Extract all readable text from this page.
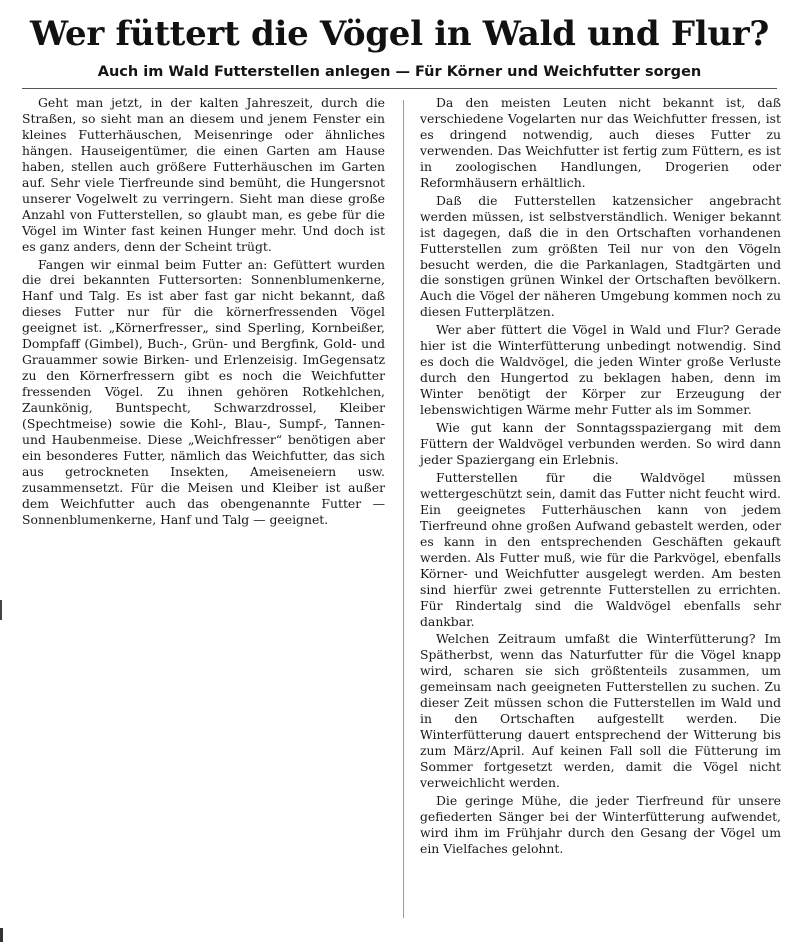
Wer füttert die Vögel in Wald und Flur?
Auch im Wald Futterstellen anlegen — Für Körner und Weichfutter sorgen

Geht man jetzt, in der kalten Jahreszeit, durch die Straßen, so sieht man an diesem und jenem Fenster ein kleines Futterhäuschen, Meisenringe oder ähnliches hängen. Hauseigentümer, die einen Garten am Hause haben, stellen auch größere Futterhäuschen im Garten auf. Sehr viele Tierfreunde sind bemüht, die Hungersnot unserer Vogelwelt zu verringern. Sieht man diese große Anzahl von Futterstellen, so glaubt man, es gebe für die Vögel im Winter fast keinen Hunger mehr. Und doch ist es ganz anders, denn der Scheint trügt.

Fangen wir einmal beim Futter an: Gefüttert wurden die drei bekannten Futtersorten: Sonnenblumenkerne, Hanf und Talg. Es ist aber fast gar nicht bekannt, daß dieses Futter nur für die körnerfressenden Vögel geeignet ist. „Körnerfresser„ sind Sperling, Kornbeißer, Dompfaff (Gimbel), Buch-, Grün- und Bergfink, Gold- und Grauammer sowie Birken- und Erlenzeisig. ImGegensatz zu den Körnerfressern gibt es noch die Weichfutter fressenden Vögel. Zu ihnen gehören Rotkehlchen, Zaunkönig, Buntspecht, Schwarzdrossel, Kleiber (Spechtmeise) sowie die Kohl-, Blau-, Sumpf-, Tannen- und Haubenmeise. Diese „Weichfresser“ benötigen aber ein besonderes Futter, nämlich das Weichfutter, das sich aus getrockneten Insekten, Ameiseneiern usw. zusammensetzt. Für die Meisen und Kleiber ist außer dem Weichfutter auch das obengenannte Futter — Sonnenblumenkerne, Hanf und Talg — geeignet.

Da den meisten Leuten nicht bekannt ist, daß verschiedene Vogelarten nur das Weichfutter fressen, ist es dringend notwendig, auch dieses Futter zu verwenden. Das Weichfutter ist fertig zum Füttern, es ist in zoologischen Handlungen, Drogerien oder Reformhäusern erhältlich.

Daß die Futterstellen katzensicher angebracht werden müssen, ist selbstverständlich. Weniger bekannt ist dagegen, daß die in den Ortschaften vorhandenen Futterstellen zum größten Teil nur von den Vögeln besucht werden, die die Parkanlagen, Stadtgärten und die sonstigen grünen Winkel der Ortschaften bevölkern. Auch die Vögel der näheren Umgebung kommen noch zu diesen Futterplätzen.

Wer aber füttert die Vögel in Wald und Flur? Gerade hier ist die Winterfütterung unbedingt notwendig. Sind es doch die Waldvögel, die jeden Winter große Verluste durch den Hungertod zu beklagen haben, denn im Winter benötigt der Körper zur Erzeugung der lebenswichtigen Wärme mehr Futter als im Sommer.

Wie gut kann der Sonntagsspaziergang mit dem Füttern der Waldvögel verbunden werden. So wird dann jeder Spaziergang ein Erlebnis.

Futterstellen für die Waldvögel müssen wettergeschützt sein, damit das Futter nicht feucht wird. Ein geeignetes Futterhäuschen kann von jedem Tierfreund ohne großen Aufwand gebastelt werden, oder es kann in den entsprechenden Geschäften gekauft werden. Als Futter muß, wie für die Parkvögel, ebenfalls Körner- und Weichfutter ausgelegt werden. Am besten sind hierfür zwei getrennte Futterstellen zu errichten. Für Rindertalg sind die Waldvögel ebenfalls sehr dankbar.

Welchen Zeitraum umfaßt die Winterfütterung? Im Spätherbst, wenn das Naturfutter für die Vögel knapp wird, scharen sie sich größtenteils zusammen, um gemeinsam nach geeigneten Futterstellen zu suchen. Zu dieser Zeit müssen schon die Futterstellen im Wald und in den Ortschaften aufgestellt werden. Die Winterfütterung dauert entsprechend der Witterung bis zum März/April. Auf keinen Fall soll die Fütterung im Sommer fortgesetzt werden, damit die Vögel nicht verweichlicht werden.

Die geringe Mühe, die jeder Tierfreund für unsere gefiederten Sänger bei der Winterfütterung aufwendet, wird ihm im Frühjahr durch den Gesang der Vögel um ein Vielfaches gelohnt.
